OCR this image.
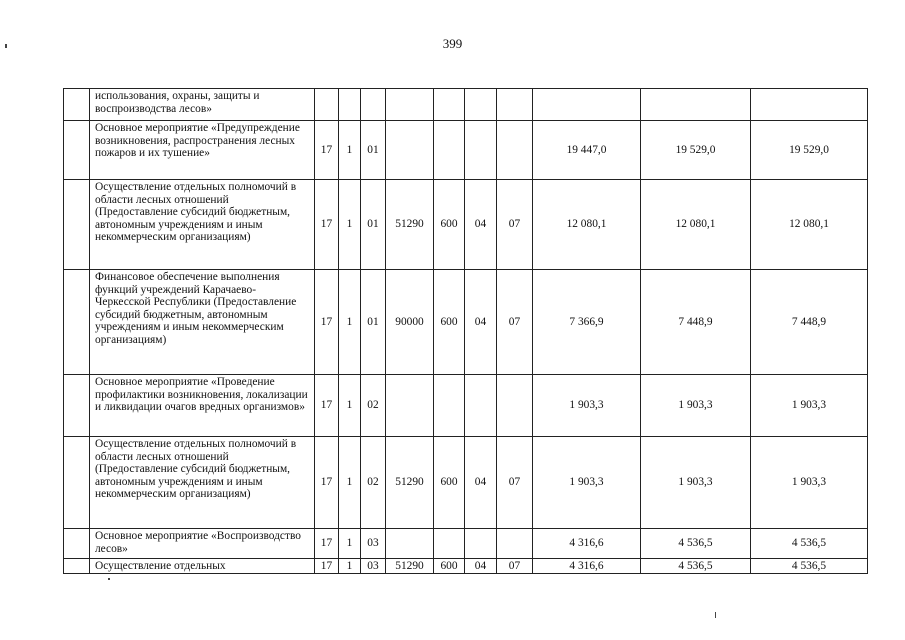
399
	использования, охраны, защиты и воспроизводства лесов»										
	Основное мероприятие «Предупреждение возникновения, распространения лесных пожаров и их тушение»	17	1	01					19 447,0	19 529,0	19 529,0
	Осуществление отдельных полномочий в области лесных отношений (Предоставление субсидий бюджетным, автономным учреждениям и иным некоммерческим организациям)	17	1	01	51290	600	04	07	12 080,1	12 080,1	12 080,1
	Финансовое обеспечение выполнения функций учреждений Карачаево-Черкесской Республики (Предоставление субсидий бюджетным, автономным учреждениям и иным некоммерческим организациям)	17	1	01	90000	600	04	07	7 366,9	7 448,9	7 448,9
	Основное мероприятие «Проведение профилактики возникновения, локализации и ликвидации очагов вредных организмов»	17	1	02					1 903,3	1 903,3	1 903,3
	Осуществление отдельных полномочий в области лесных отношений (Предоставление субсидий бюджетным, автономным учреждениям и иным некоммерческим организациям)	17	1	02	51290	600	04	07	1 903,3	1 903,3	1 903,3
	Основное мероприятие «Воспроизводство лесов»	17	1	03					4 316,6	4 536,5	4 536,5
	Осуществление отдельных	17	1	03	51290	600	04	07	4 316,6	4 536,5	4 536,5
